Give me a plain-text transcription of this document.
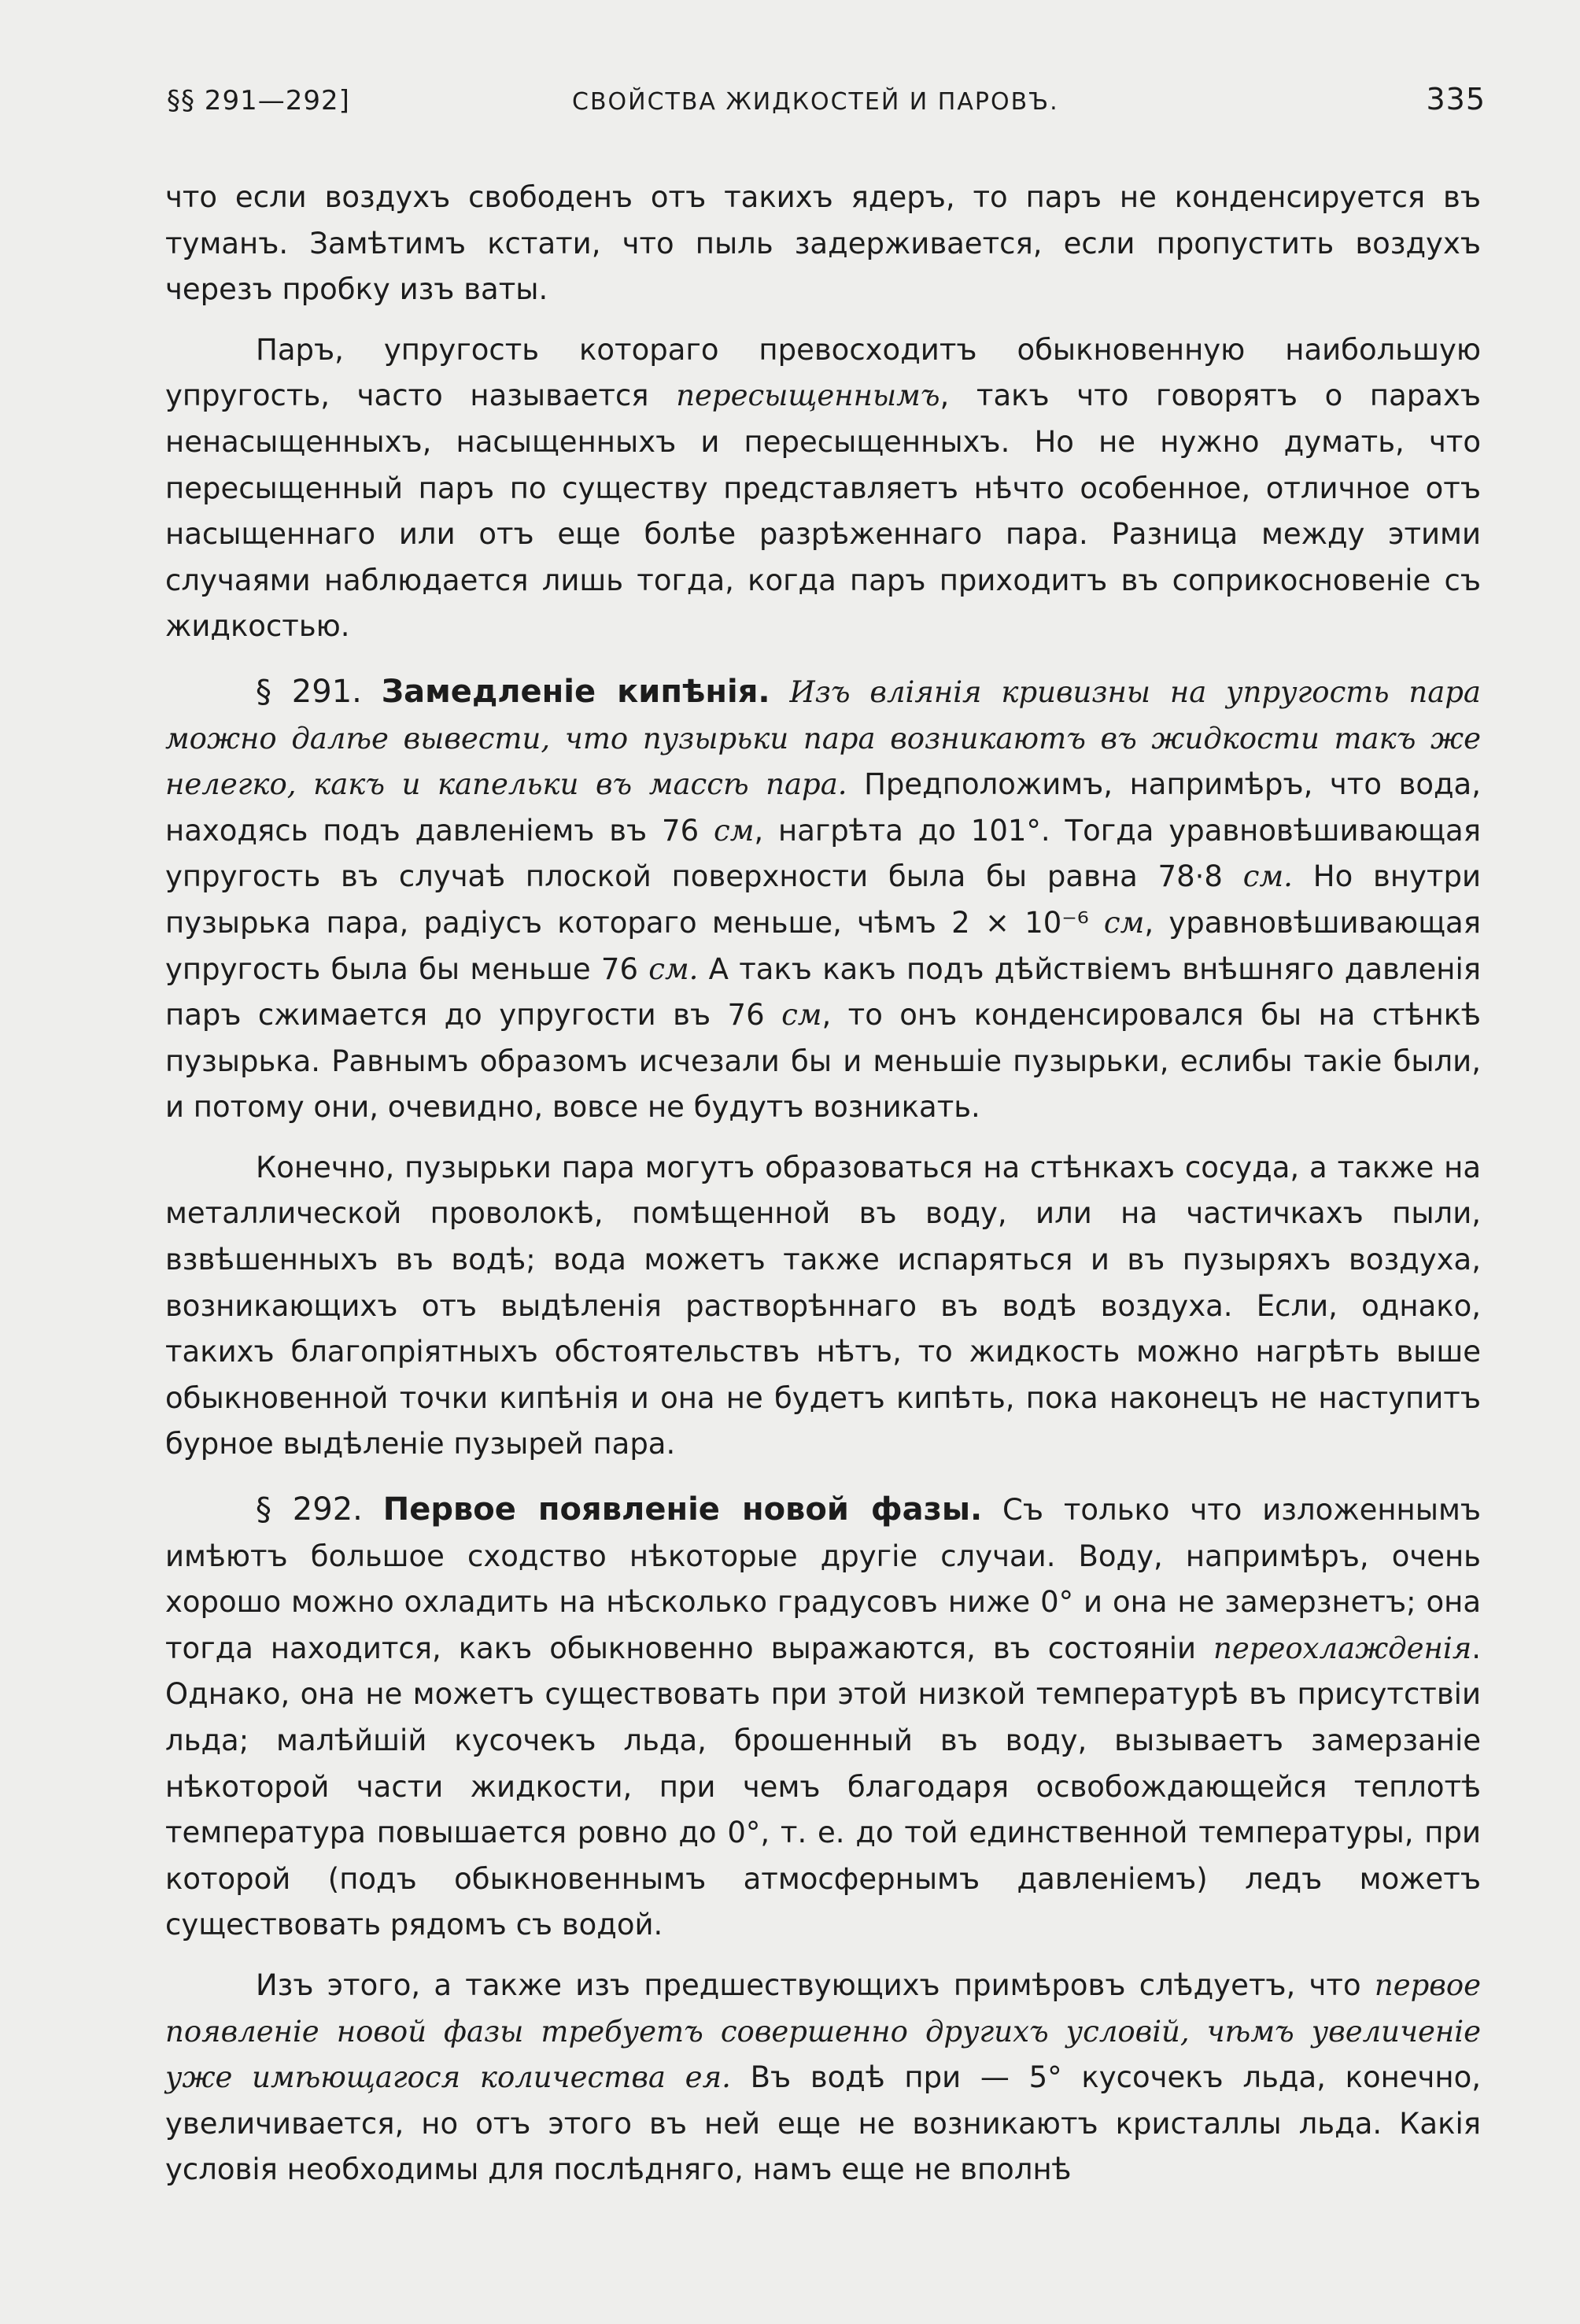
§§ 291—292]	СВОЙСТВА ЖИДКОСТЕЙ И ПАРОВЪ.	335

что если воздухъ свободенъ отъ такихъ ядеръ, то паръ не конденсируется въ туманъ. Замѣтимъ кстати, что пыль задерживается, если пропустить воздухъ черезъ пробку изъ ваты.

Паръ, упругость котораго превосходитъ обыкновенную наибольшую упругость, часто называется пересыщеннымъ, такъ что говорятъ о парахъ ненасыщенныхъ, насыщенныхъ и пересыщенныхъ. Но не нужно думать, что пересыщенный паръ по существу представляетъ нѣчто особенное, отличное отъ насыщеннаго или отъ еще болѣе разрѣженнаго пара. Разница между этими случаями наблюдается лишь тогда, когда паръ приходитъ въ соприкосновеніе съ жидкостью.

§ 291. Замедленіе кипѣнія. Изъ вліянія кривизны на упругость пара можно далѣе вывести, что пузырьки пара возникаютъ въ жидкости такъ же нелегко, какъ и капельки въ массѣ пара. Предположимъ, напримѣръ, что вода, находясь подъ давленіемъ въ 76 см, нагрѣта до 101°. Тогда уравновѣшивающая упругость въ случаѣ плоской поверхности была бы равна 78·8 см. Но внутри пузырька пара, радіусъ котораго меньше, чѣмъ 2 × 10⁻⁶ см, уравновѣшивающая упругость была бы меньше 76 см. А такъ какъ подъ дѣйствіемъ внѣшняго давленія паръ сжимается до упругости въ 76 см, то онъ конденсировался бы на стѣнкѣ пузырька. Равнымъ образомъ исчезали бы и меньшіе пузырьки, еслибы такіе были, и потому они, очевидно, вовсе не будутъ возникать.

Конечно, пузырьки пара могутъ образоваться на стѣнкахъ сосуда, а также на металлической проволокѣ, помѣщенной въ воду, или на частичкахъ пыли, взвѣшенныхъ въ водѣ; вода можетъ также испаряться и въ пузыряхъ воздуха, возникающихъ отъ выдѣленія растворѣннаго въ водѣ воздуха. Если, однако, такихъ благопріятныхъ обстоятельствъ нѣтъ, то жидкость можно нагрѣть выше обыкновенной точки кипѣнія и она не будетъ кипѣть, пока наконецъ не наступитъ бурное выдѣленіе пузырей пара.

§ 292. Первое появленіе новой фазы. Съ только что изложеннымъ имѣютъ большое сходство нѣкоторые другіе случаи. Воду, напримѣръ, очень хорошо можно охладить на нѣсколько градусовъ ниже 0° и она не замерзнетъ; она тогда находится, какъ обыкновенно выражаются, въ состояніи переохлажденія. Однако, она не можетъ существовать при этой низкой температурѣ въ присутствіи льда; малѣйшій кусочекъ льда, брошенный въ воду, вызываетъ замерзаніе нѣкоторой части жидкости, при чемъ благодаря освобождающейся теплотѣ температура повышается ровно до 0°, т. е. до той единственной температуры, при которой (подъ обыкновеннымъ атмосфернымъ давленіемъ) ледъ можетъ существовать рядомъ съ водой.

Изъ этого, а также изъ предшествующихъ примѣровъ слѣдуетъ, что первое появленіе новой фазы требуетъ совершенно другихъ условій, чѣмъ увеличеніе уже имѣющагося количества ея. Въ водѣ при — 5° кусочекъ льда, конечно, увеличивается, но отъ этого въ ней еще не возникаютъ кристаллы льда. Какія условія необходимы для послѣдняго, намъ еще не вполнѣ
